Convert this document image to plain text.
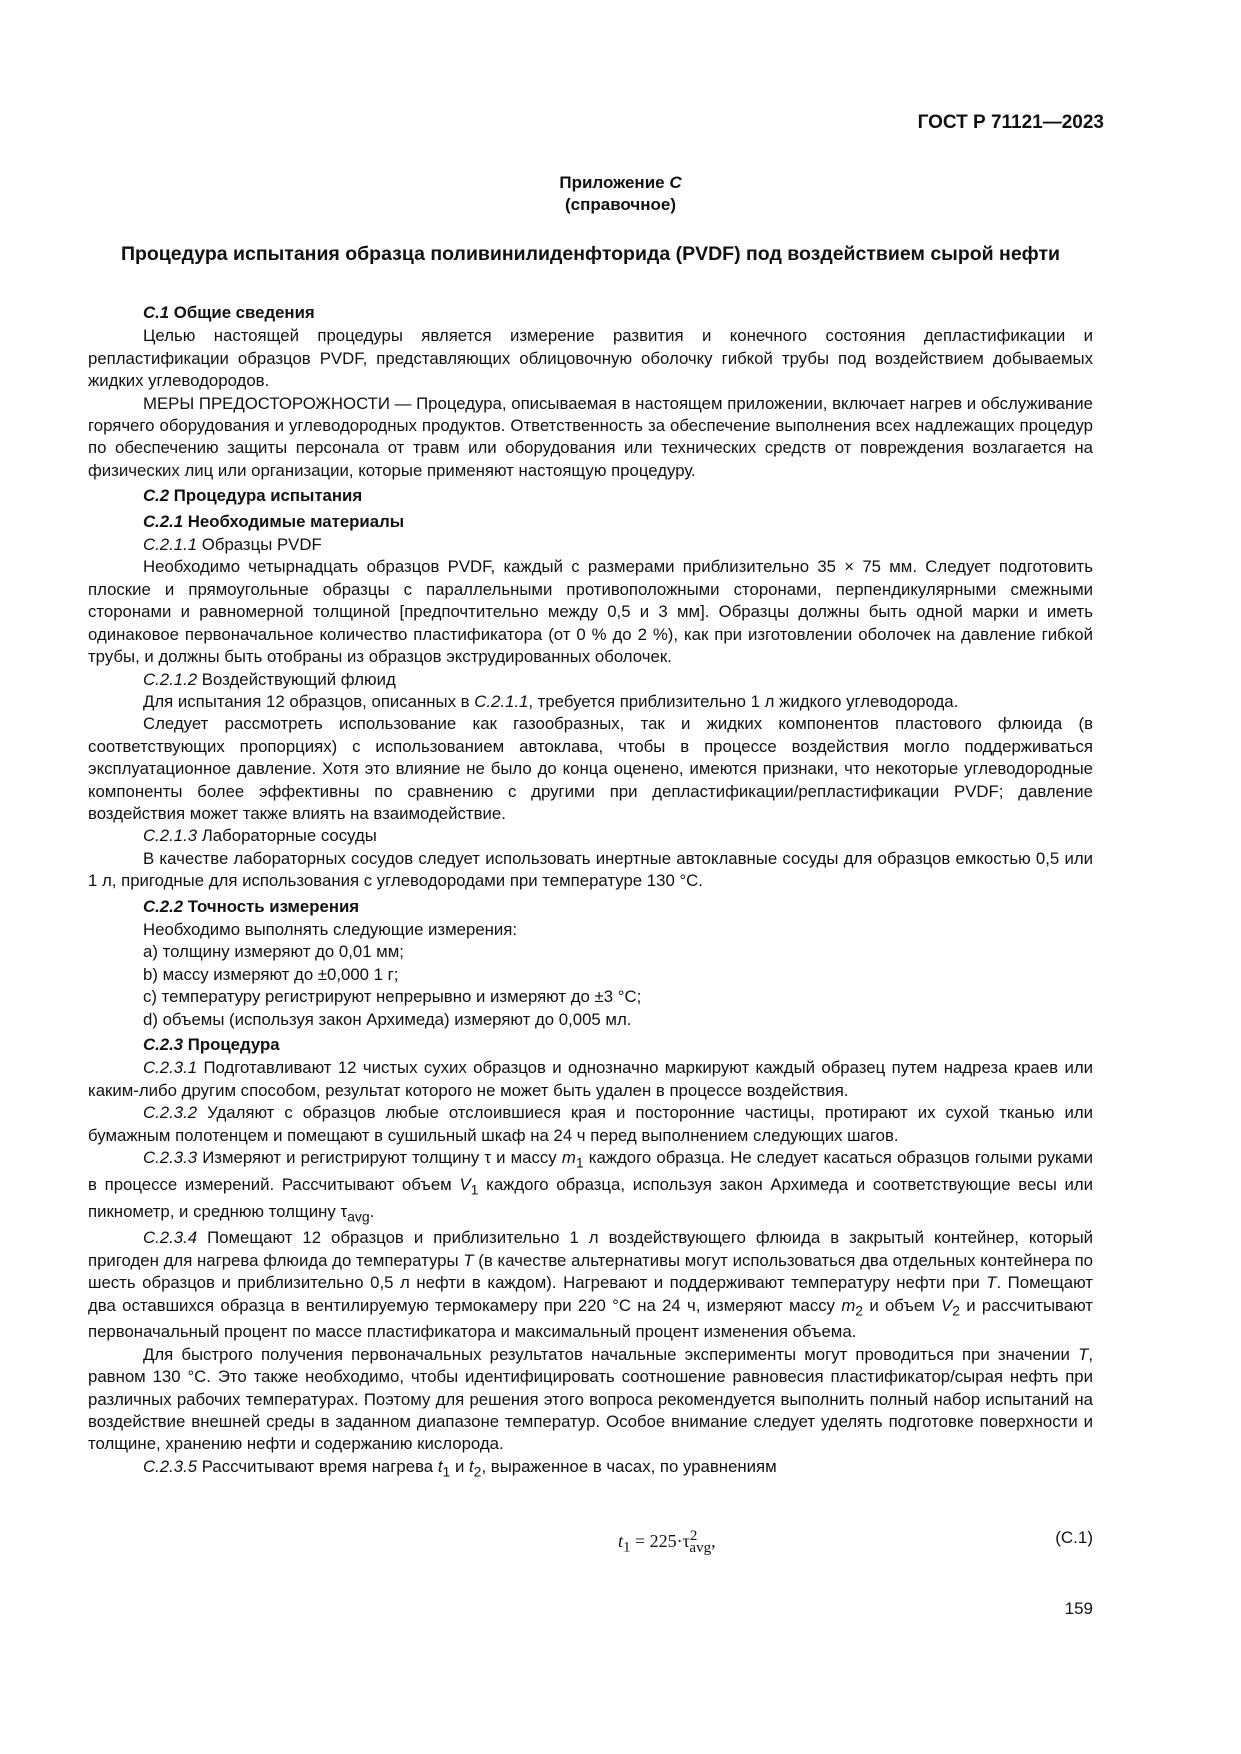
ГОСТ Р 71121—2023
Приложение С
(справочное)
Процедура испытания образца поливинилиденфторида (PVDF) под воздействием сырой нефти

С.1 Общие сведения

Целью настоящей процедуры является измерение развития и конечного состояния депластификации и репластификации образцов PVDF, представляющих облицовочную оболочку гибкой трубы под воздействием добываемых жидких углеводородов.

МЕРЫ ПРЕДОСТОРОЖНОСТИ — Процедура, описываемая в настоящем приложении, включает нагрев и обслуживание горячего оборудования и углеводородных продуктов. Ответственность за обеспечение выполнения всех надлежащих процедур по обеспечению защиты персонала от травм или оборудования или технических средств от повреждения возлагается на физических лиц или организации, которые применяют настоящую процедуру.

С.2 Процедура испытания

С.2.1 Необходимые материалы

С.2.1.1 Образцы PVDF

Необходимо четырнадцать образцов PVDF, каждый с размерами приблизительно 35 × 75 мм. Следует подготовить плоские и прямоугольные образцы с параллельными противоположными сторонами, перпендикулярными смежными сторонами и равномерной толщиной [предпочтительно между 0,5 и 3 мм]. Образцы должны быть одной марки и иметь одинаковое первоначальное количество пластификатора (от 0 % до 2 %), как при изготовлении оболочек на давление гибкой трубы, и должны быть отобраны из образцов экструдированных оболочек.

С.2.1.2 Воздействующий флюид

Для испытания 12 образцов, описанных в С.2.1.1, требуется приблизительно 1 л жидкого углеводорода.

Следует рассмотреть использование как газообразных, так и жидких компонентов пластового флюида (в соответствующих пропорциях) с использованием автоклава, чтобы в процессе воздействия могло поддерживаться эксплуатационное давление. Хотя это влияние не было до конца оценено, имеются признаки, что некоторые углеводородные компоненты более эффективны по сравнению с другими при депластификации/репластификации PVDF; давление воздействия может также влиять на взаимодействие.

С.2.1.3 Лабораторные сосуды

В качестве лабораторных сосудов следует использовать инертные автоклавные сосуды для образцов емкостью 0,5 или 1 л, пригодные для использования с углеводородами при температуре 130 °С.

С.2.2 Точность измерения

Необходимо выполнять следующие измерения:

a) толщину измеряют до 0,01 мм;

b) массу измеряют до ±0,000 1 г;

c) температуру регистрируют непрерывно и измеряют до ±3 °С;

d) объемы (используя закон Архимеда) измеряют до 0,005 мл.

С.2.3 Процедура

С.2.3.1 Подготавливают 12 чистых сухих образцов и однозначно маркируют каждый образец путем надреза краев или каким-либо другим способом, результат которого не может быть удален в процессе воздействия.

С.2.3.2 Удаляют с образцов любые отслоившиеся края и посторонние частицы, протирают их сухой тканью или бумажным полотенцем и помещают в сушильный шкаф на 24 ч перед выполнением следующих шагов.

С.2.3.3 Измеряют и регистрируют толщину τ и массу $m_1$ каждого образца. Не следует касаться образцов голыми руками в процессе измерений. Рассчитывают объем $V_1$ каждого образца, используя закон Архимеда и соответствующие весы или пикнометр, и среднюю толщину $\tau_{avg}$.

С.2.3.4 Помещают 12 образцов и приблизительно 1 л воздействующего флюида в закрытый контейнер, который пригоден для нагрева флюида до температуры T (в качестве альтернативы могут использоваться два отдельных контейнера по шесть образцов и приблизительно 0,5 л нефти в каждом). Нагревают и поддерживают температуру нефти при T. Помещают два оставшихся образца в вентилируемую термокамеру при 220 °С на 24 ч, измеряют массу $m_2$ и объем $V_2$ и рассчитывают первоначальный процент по массе пластификатора и максимальный процент изменения объема.

Для быстрого получения первоначальных результатов начальные эксперименты могут проводиться при значении T, равном 130 °С. Это также необходимо, чтобы идентифицировать соотношение равновесия пластификатор/сырая нефть при различных рабочих температурах. Поэтому для решения этого вопроса рекомендуется выполнить полный набор испытаний на воздействие внешней среды в заданном диапазоне температур. Особое внимание следует уделять подготовке поверхности и толщине, хранению нефти и содержанию кислорода.

С.2.3.5 Рассчитывают время нагрева $t_1$ и $t_2$, выраженное в часах, по уравнениям

$t_1 = 225\cdot\tau^2_{avg}$,	(С.1)
159
